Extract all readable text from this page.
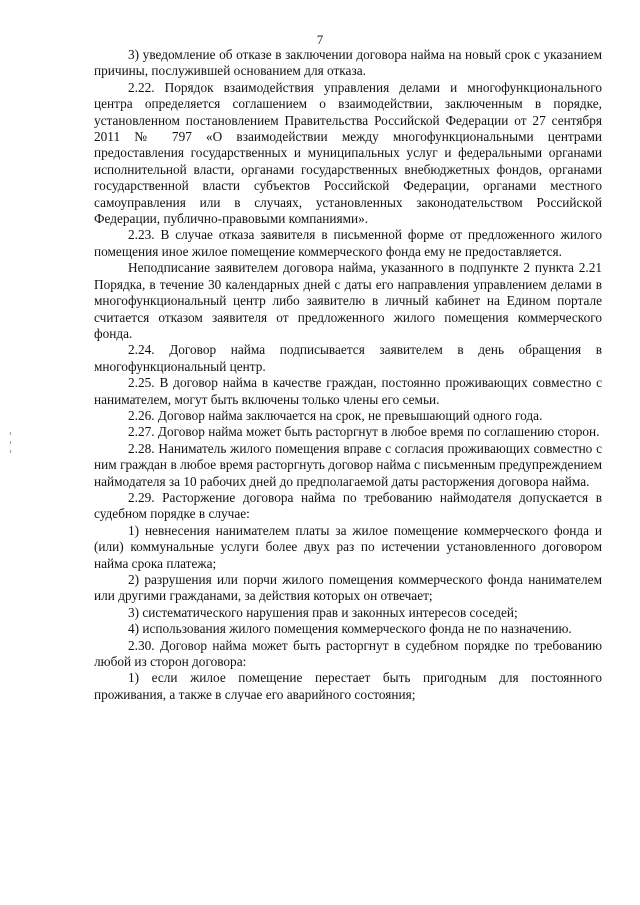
7

3) уведомление об отказе в заключении договора найма на новый срок с указанием причины, послужившей основанием для отказа.

2.22. Порядок взаимодействия управления делами и многофункционального центра определяется соглашением о взаимодействии, заключенным в порядке, установленном постановлением Правительства Российской Федерации от 27 сентября 2011 № 797 «О взаимодействии между многофункциональными центрами предоставления государственных и муниципальных услуг и федеральными органами исполнительной власти, органами государственных внебюджетных фондов, органами государственной власти субъектов Российской Федерации, органами местного самоуправления или в случаях, установленных законодательством Российской Федерации, публично-правовыми компаниями».

2.23. В случае отказа заявителя в письменной форме от предложенного жилого помещения иное жилое помещение коммерческого фонда ему не предоставляется.

Неподписание заявителем договора найма, указанного в подпункте 2 пункта 2.21 Порядка, в течение 30 календарных дней с даты его направления управлением делами в многофункциональный центр либо заявителю в личный кабинет на Едином портале считается отказом заявителя от предложенного жилого помещения коммерческого фонда.

2.24. Договор найма подписывается заявителем в день обращения в многофункциональный центр.

2.25. В договор найма в качестве граждан, постоянно проживающих совместно с нанимателем, могут быть включены только члены его семьи.

2.26. Договор найма заключается на срок, не превышающий одного года.

2.27. Договор найма может быть расторгнут в любое время по соглашению сторон.

2.28. Наниматель жилого помещения вправе с согласия проживающих совместно с ним граждан в любое время расторгнуть договор найма с письменным предупреждением наймодателя за 10 рабочих дней до предполагаемой даты расторжения договора найма.

2.29. Расторжение договора найма по требованию наймодателя допускается в судебном порядке в случае:

1) невнесения нанимателем платы за жилое помещение коммерческого фонда и (или) коммунальные услуги более двух раз по истечении установленного договором найма срока платежа;

2) разрушения или порчи жилого помещения коммерческого фонда нанимателем или другими гражданами, за действия которых он отвечает;

3) систематического нарушения прав и законных интересов соседей;

4) использования жилого помещения коммерческого фонда не по назначению.

2.30. Договор найма может быть расторгнут в судебном порядке по требованию любой из сторон договора:

1) если жилое помещение перестает быть пригодным для постоянного проживания, а также в случае его аварийного состояния;
